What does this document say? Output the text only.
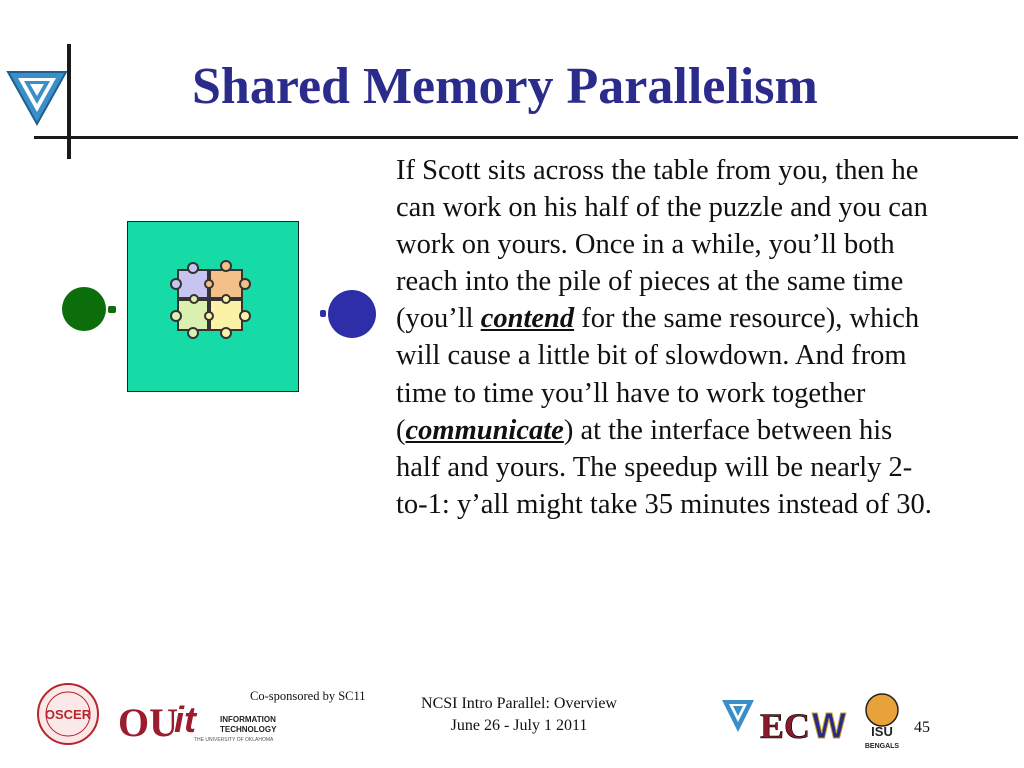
Shared Memory Parallelism
If Scott sits across the table from you, then he can work on his half of the puzzle and you can work on yours. Once in a while, you’ll both reach into the pile of pieces at the same time (you’ll contend for the same resource), which will cause a little bit of slowdown. And from time to time you’ll have to work together (communicate) at the interface between his half and yours. The speedup will be nearly 2-to-1: y’all might take 35 minutes instead of 30.
OSCER OU
it	INFORMATION
TECHNOLOGY
THE UNIVERSITY OF OKLAHOMA
Co-sponsored by SC11	NCSI Intro Parallel: Overview
June 26 - July 1 2011	EC W ISU
BENGALS
45
